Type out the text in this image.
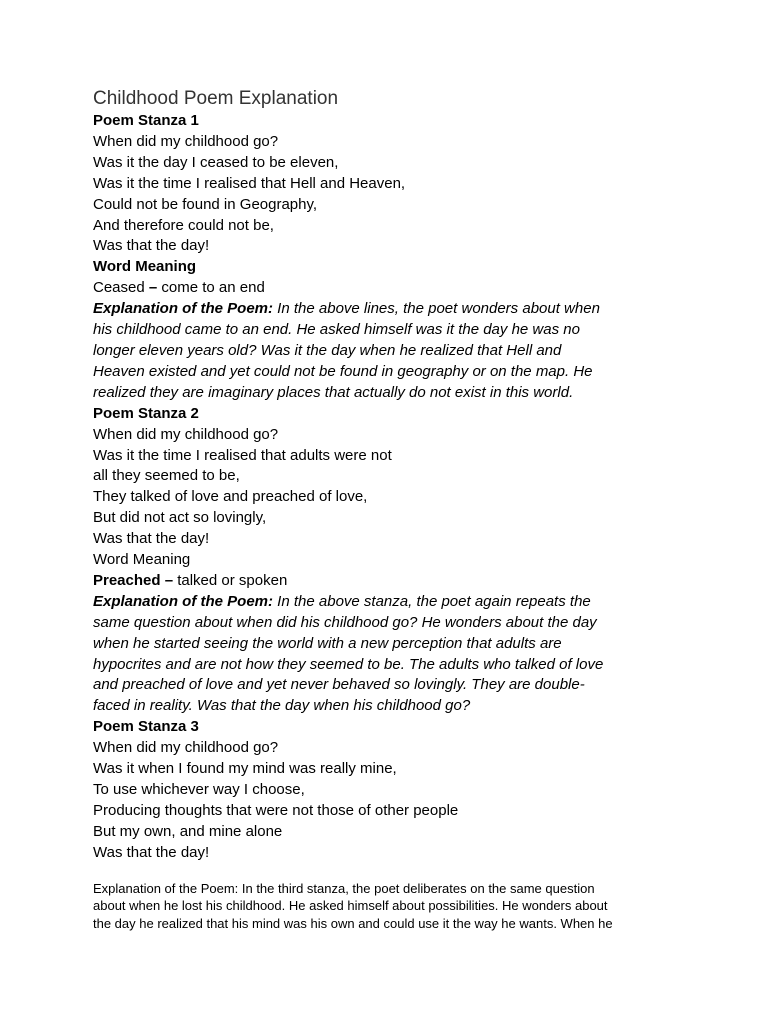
Childhood Poem Explanation

Poem Stanza 1

When did my childhood go?

Was it the day I ceased to be eleven,

Was it the time I realised that Hell and Heaven,

Could not be found in Geography,

And therefore could not be,

Was that the day!

Word Meaning

Ceased – come to an end

Explanation of the Poem: In the above lines, the poet wonders about when
his childhood came to an end. He asked himself was it the day he was no
longer eleven years old? Was it the day when he realized that Hell and
Heaven existed and yet could not be found in geography or on the map. He
realized they are imaginary places that actually do not exist in this world.

Poem Stanza 2

When did my childhood go?

Was it the time I realised that adults were not

all they seemed to be,

They talked of love and preached of love,

But did not act so lovingly,

Was that the day!

Word Meaning

Preached – talked or spoken

Explanation of the Poem: In the above stanza, the poet again repeats the
same question about when did his childhood go? He wonders about the day
when he started seeing the world with a new perception that adults are
hypocrites and are not how they seemed to be. The adults who talked of love
and preached of love and yet never behaved so lovingly. They are double-
faced in reality. Was that the day when his childhood go?

Poem Stanza 3

When did my childhood go?

Was it when I found my mind was really mine,

To use whichever way I choose,

Producing thoughts that were not those of other people

But my own, and mine alone

Was that the day!

Explanation of the Poem: In the third stanza, the poet deliberates on the same question
about when he lost his childhood. He asked himself about possibilities. He wonders about
the day he realized that his mind was his own and could use it the way he wants. When he
